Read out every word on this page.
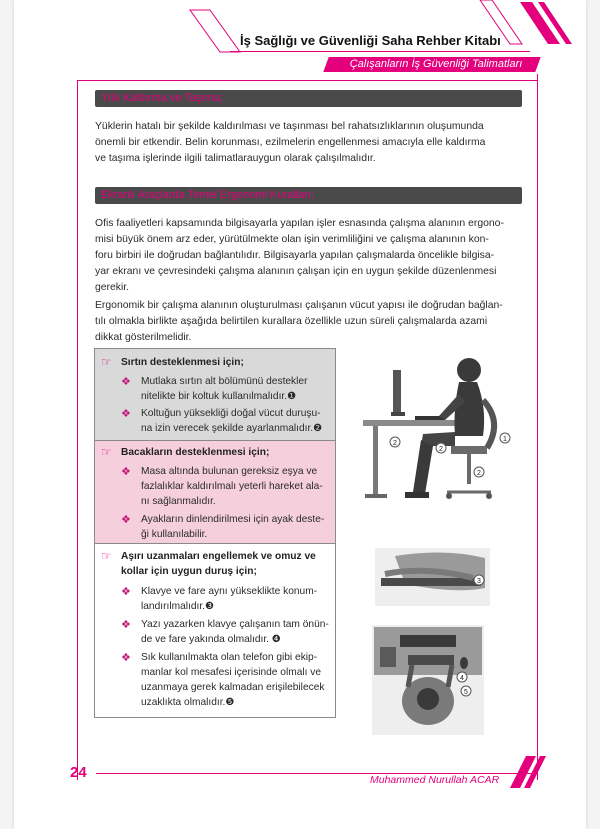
İş Sağlığı ve Güvenliği Saha Rehber Kitabı
Çalışanların İş Güvenliği Talimatları
Yük Kaldırma ve Taşıma;
Yüklerin hatalı bir şekilde kaldırılması ve taşınması bel rahatsızlıklarının oluşumunda
önemli bir etkendir. Belin korunması, ezilmelerin engellenmesi amacıyla elle kaldırma
ve taşıma işlerinde ilgili talimatlarauygun olarak çalışılmalıdır.
Ekranlı Araçlarda Temel Ergonomi Kuralları;
Ofis faaliyetleri kapsamında bilgisayarla yapılan işler esnasında çalışma alanının ergono-
misi büyük önem arz eder, yürütülmekte olan işin verimliliğini ve çalışma alanının kon-
foru birbiri ile doğrudan bağlantılıdır. Bilgisayarla yapılan çalışmalarda öncelikle bilgisa-
yar ekranı ve çevresindeki çalışma alanının çalışan için en uygun şekilde düzenlenmesi
gerekir.
Ergonomik bir çalışma alanının oluşturulması çalışanın vücut yapısı ile doğrudan bağlan-
tılı olmakla birlikte aşağıda belirtilen kurallara özellikle uzun süreli çalışmalarda azami
dikkat gösterilmelidir.
☞ Sırtın desteklenmesi için;
❖ Mutlaka sırtın alt bölümünü destekler
nitelikte bir koltuk kullanılmalıdır.❶
❖ Koltuğun yüksekliği doğal vücut duruşu-
na izin verecek şekilde ayarlanmalıdır.❷
☞ Bacakların desteklenmesi için;
❖ Masa altında bulunan gereksiz eşya ve
fazlalıklar kaldırılmalı yeterli hareket ala-
nı sağlanmalıdır.
❖ Ayakların dinlendirilmesi için ayak deste-
ği kullanılabilir.
☞ Aşırı uzanmaları engellemek ve omuz ve
kollar için uygun duruş için;
❖ Klavye ve fare aynı yükseklikte konum-
landırılmalıdır.❸
❖ Yazı yazarken klavye çalışanın tam önün-
de ve fare yakında olmalıdır. ❹
❖ Sık kullanılmakta olan telefon gibi ekip-
manlar kol mesafesi içerisinde olmalı ve
uzanmaya gerek kalmadan erişilebilecek
uzaklıkta olmalıdır.❺
1
2
2
2
3
4
5
24	Muhammed Nurullah ACAR
